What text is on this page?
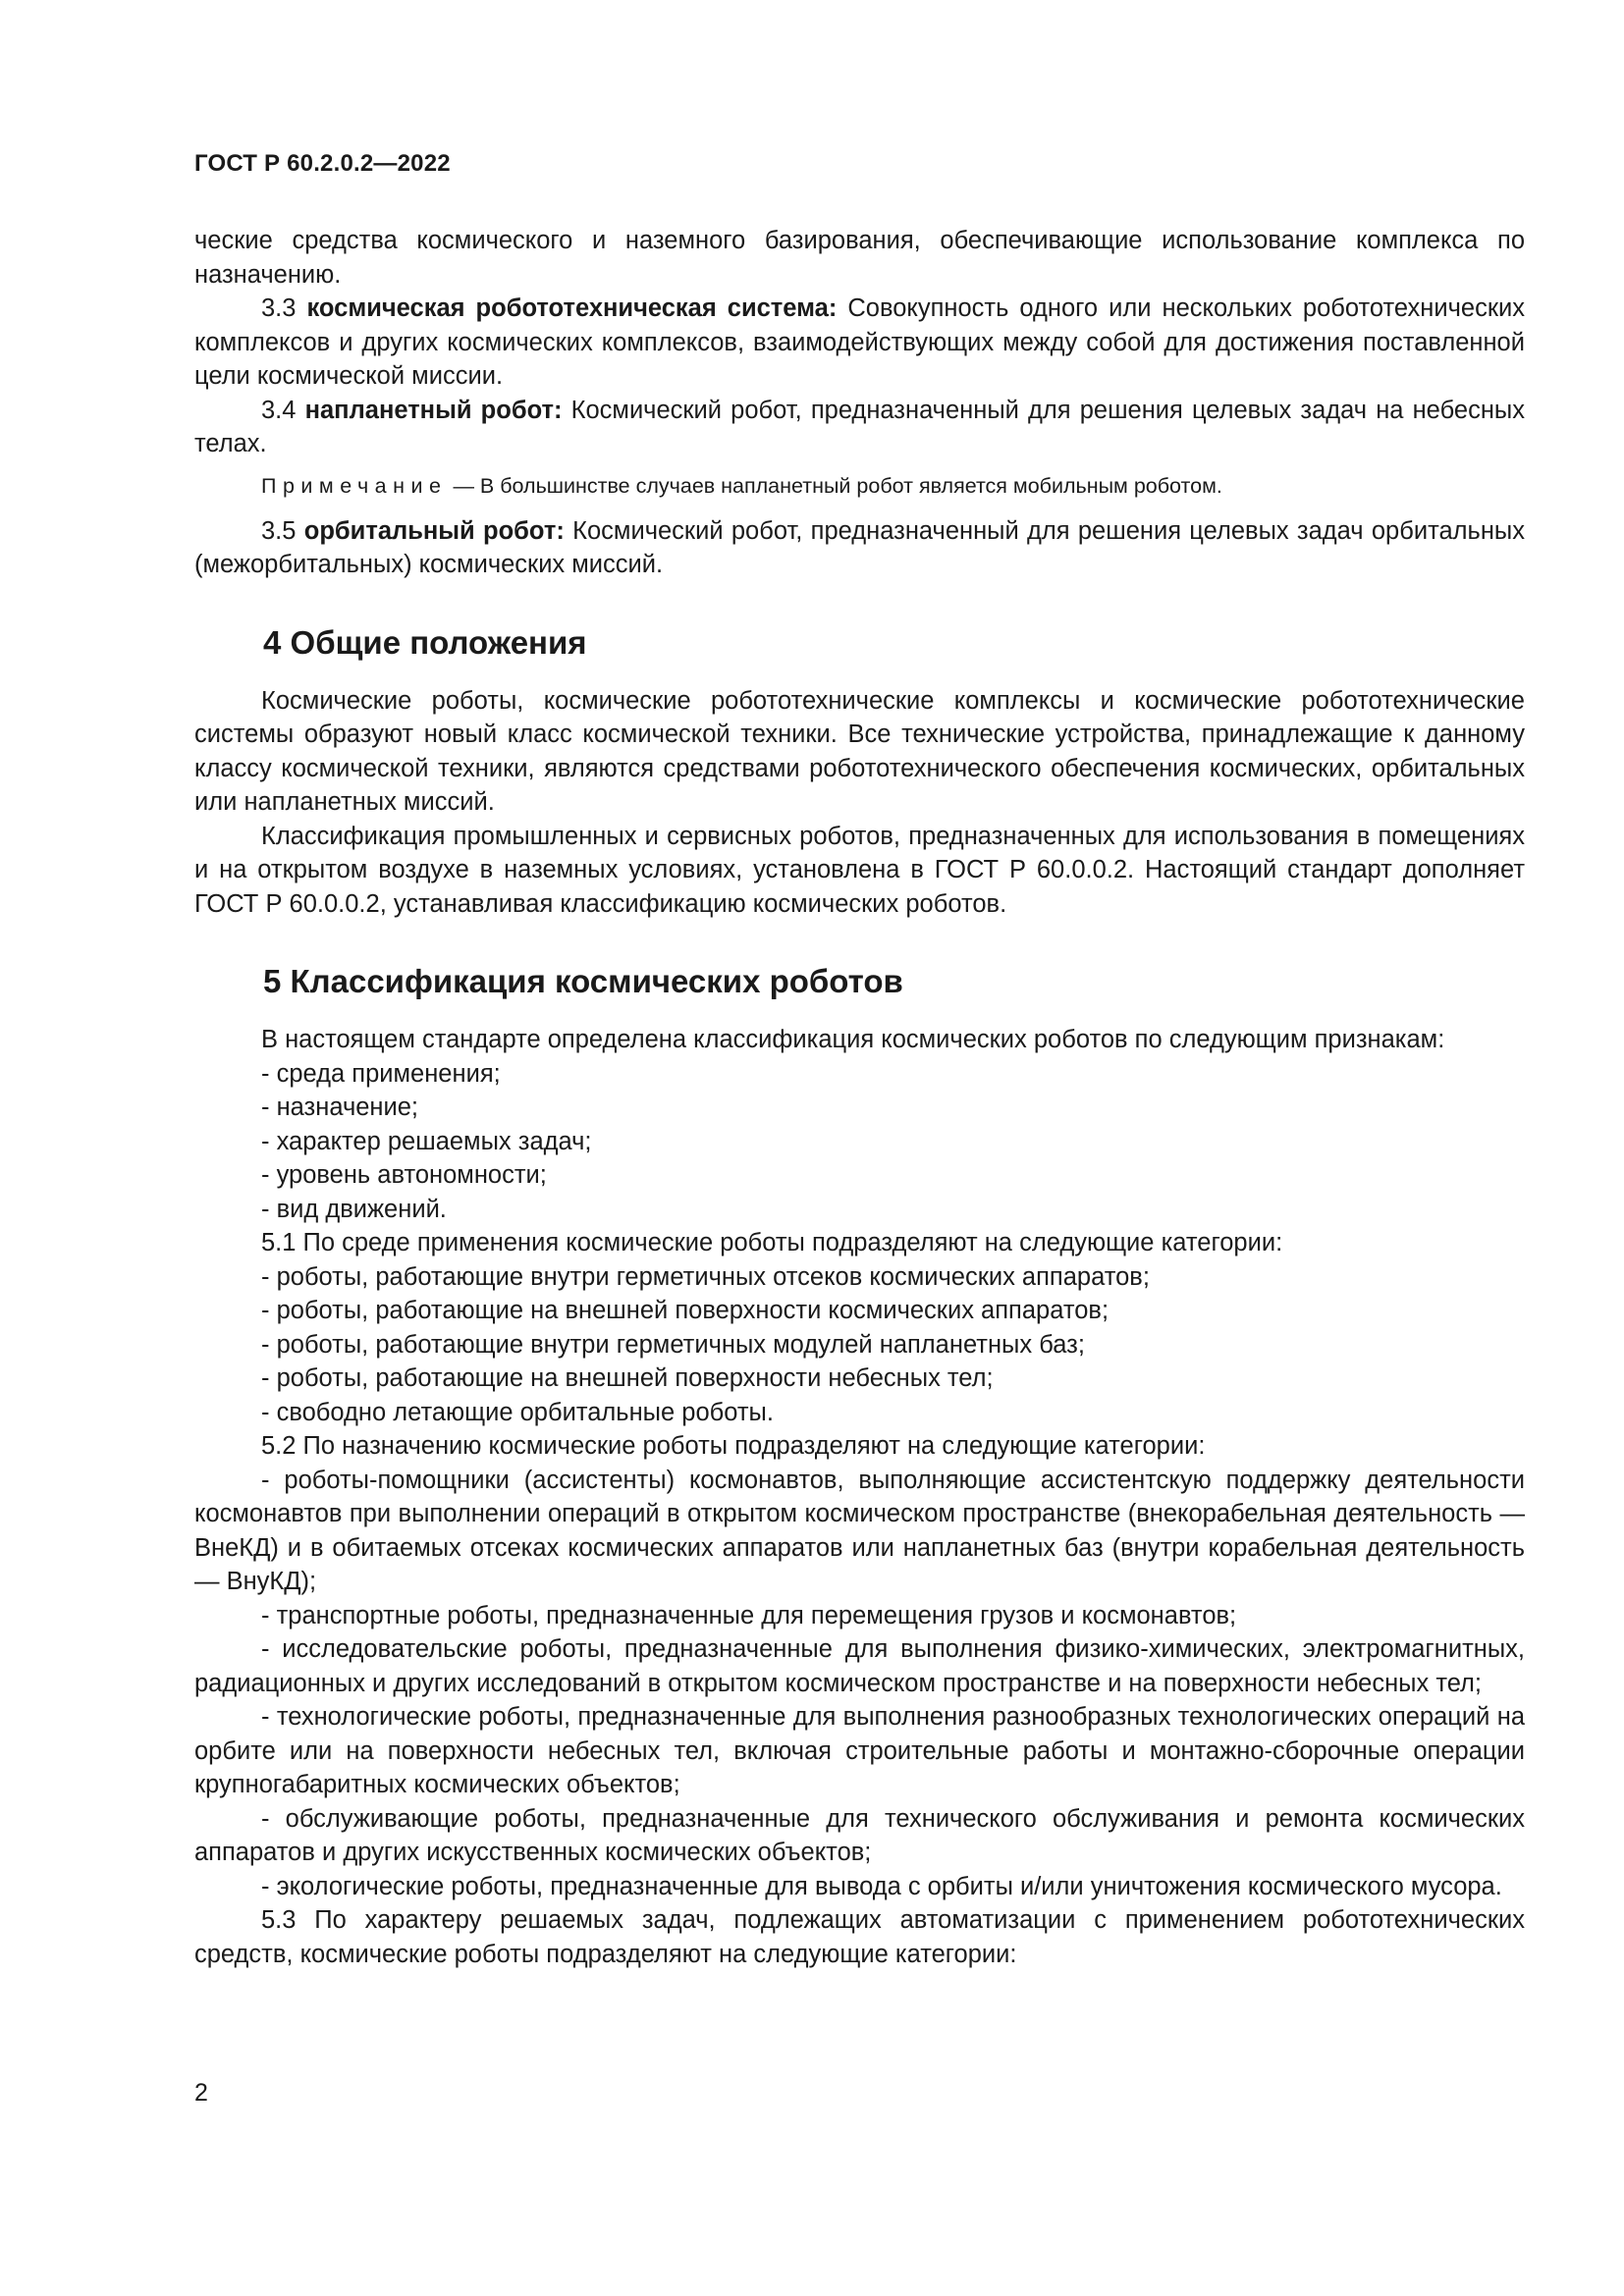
ГОСТ Р 60.2.0.2—2022

ческие средства космического и наземного базирования, обеспечивающие использование комплекса по назначению.

3.3 космическая робототехническая система: Совокупность одного или нескольких робототехнических комплексов и других космических комплексов, взаимодействующих между собой для достижения поставленной цели космической миссии.

3.4 напланетный робот: Космический робот, предназначенный для решения целевых задач на небесных телах.

Примечание — В большинстве случаев напланетный робот является мобильным роботом.

3.5 орбитальный робот: Космический робот, предназначенный для решения целевых задач орбитальных (межорбитальных) космических миссий.

4 Общие положения

Космические роботы, космические робототехнические комплексы и космические робототехнические системы образуют новый класс космической техники. Все технические устройства, принадлежащие к данному классу космической техники, являются средствами робототехнического обеспечения космических, орбитальных или напланетных миссий.

Классификация промышленных и сервисных роботов, предназначенных для использования в помещениях и на открытом воздухе в наземных условиях, установлена в ГОСТ Р 60.0.0.2. Настоящий стандарт дополняет ГОСТ Р 60.0.0.2, устанавливая классификацию космических роботов.

5 Классификация космических роботов

В настоящем стандарте определена классификация космических роботов по следующим признакам:

- среда применения;
- назначение;
- характер решаемых задач;
- уровень автономности;
- вид движений.

5.1 По среде применения космические роботы подразделяют на следующие категории:

- роботы, работающие внутри герметичных отсеков космических аппаратов;
- роботы, работающие на внешней поверхности космических аппаратов;
- роботы, работающие внутри герметичных модулей напланетных баз;
- роботы, работающие на внешней поверхности небесных тел;
- свободно летающие орбитальные роботы.

5.2 По назначению космические роботы подразделяют на следующие категории:

- роботы-помощники (ассистенты) космонавтов, выполняющие ассистентскую поддержку деятельности космонавтов при выполнении операций в открытом космическом пространстве (внекорабельная деятельность — ВнеКД) и в обитаемых отсеках космических аппаратов или напланетных баз (внутри корабельная деятельность — ВнуКД);

- транспортные роботы, предназначенные для перемещения грузов и космонавтов;

- исследовательские роботы, предназначенные для выполнения физико-химических, электромагнитных, радиационных и других исследований в открытом космическом пространстве и на поверхности небесных тел;

- технологические роботы, предназначенные для выполнения разнообразных технологических операций на орбите или на поверхности небесных тел, включая строительные работы и монтажно-сборочные операции крупногабаритных космических объектов;

- обслуживающие роботы, предназначенные для технического обслуживания и ремонта космических аппаратов и других искусственных космических объектов;

- экологические роботы, предназначенные для вывода с орбиты и/или уничтожения космического мусора.

5.3 По характеру решаемых задач, подлежащих автоматизации с применением робототехнических средств, космические роботы подразделяют на следующие категории:

2
